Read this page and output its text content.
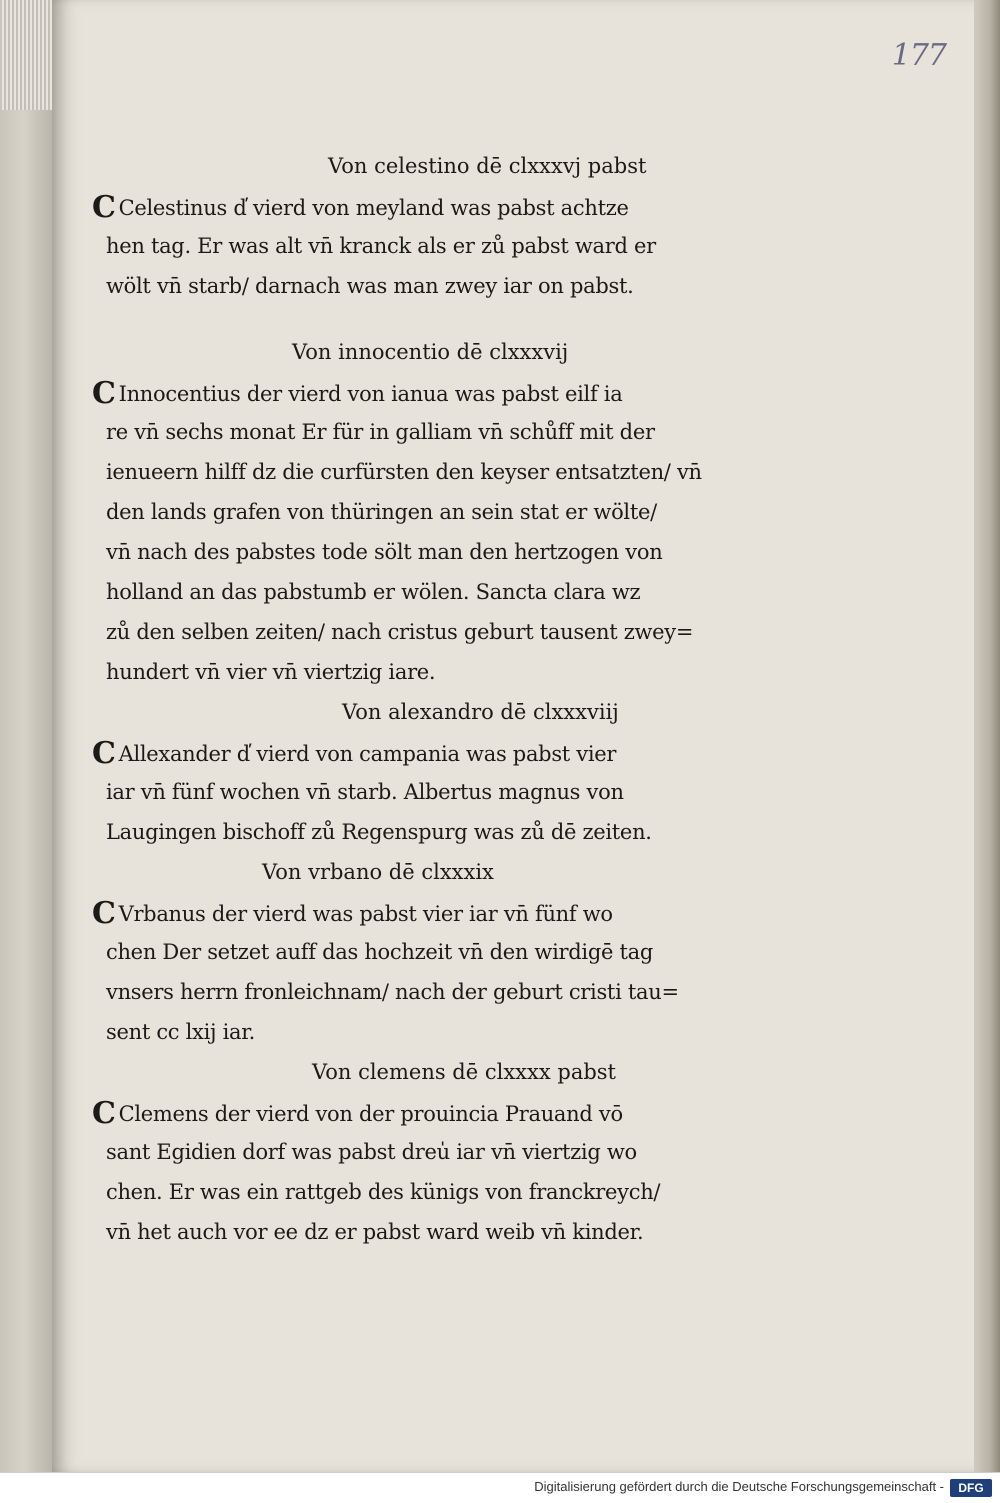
177
Von celestino dē clxxxvj pabst
C Celestinus d̕ vierd von meyland was pabst achtze
hen tag. Er was alt vn̄ kranck als er zů pabst ward er
wölt vn̄ starb/ darnach was man zwey iar on pabst.
Von innocentio dē clxxxvij
C Innocentius der vierd von ianua was pabst eilf ia
re vn̄ sechs monat Er für in galliam vn̄ schůff mit der
ienueern hilff dz die curfürsten den keyser entsatzten/ vn̄
den lands grafen von thüringen an sein stat er wölte/
vn̄ nach des pabstes tode sölt man den hertzogen von
holland an das pabstumb er wölen. Sancta clara wz
zů den selben zeiten/ nach cristus geburt tausent zwey=
hundert vn̄ vier vn̄ viertzig iare.
Von alexandro dē clxxxviij
C Allexander d̕ vierd von campania was pabst vier
iar vn̄ fünf wochen vn̄ starb. Albertus magnus von
Laugingen bischoff zů Regenspurg was zů dē zeiten.
Von vrbano dē clxxxix
C Vrbanus der vierd was pabst vier iar vn̄ fünf wo
chen Der setzet auff das hochzeit vn̄ den wirdigē tag
vnsers herrn fronleichnam/ nach der geburt cristi tau=
sent cc lxij iar.
Von clemens dē clxxxx pabst
C Clemens der vierd von der prouincia Prauand vō
sant Egidien dorf was pabst dreu̍ iar vn̄ viertzig wo
chen. Er was ein rattgeb des künigs von franckreych/
vn̄ het auch vor ee dz er pabst ward weib vn̄ kinder.
Digitalisierung gefördert durch die Deutsche Forschungsgemeinschaft -	DFG
